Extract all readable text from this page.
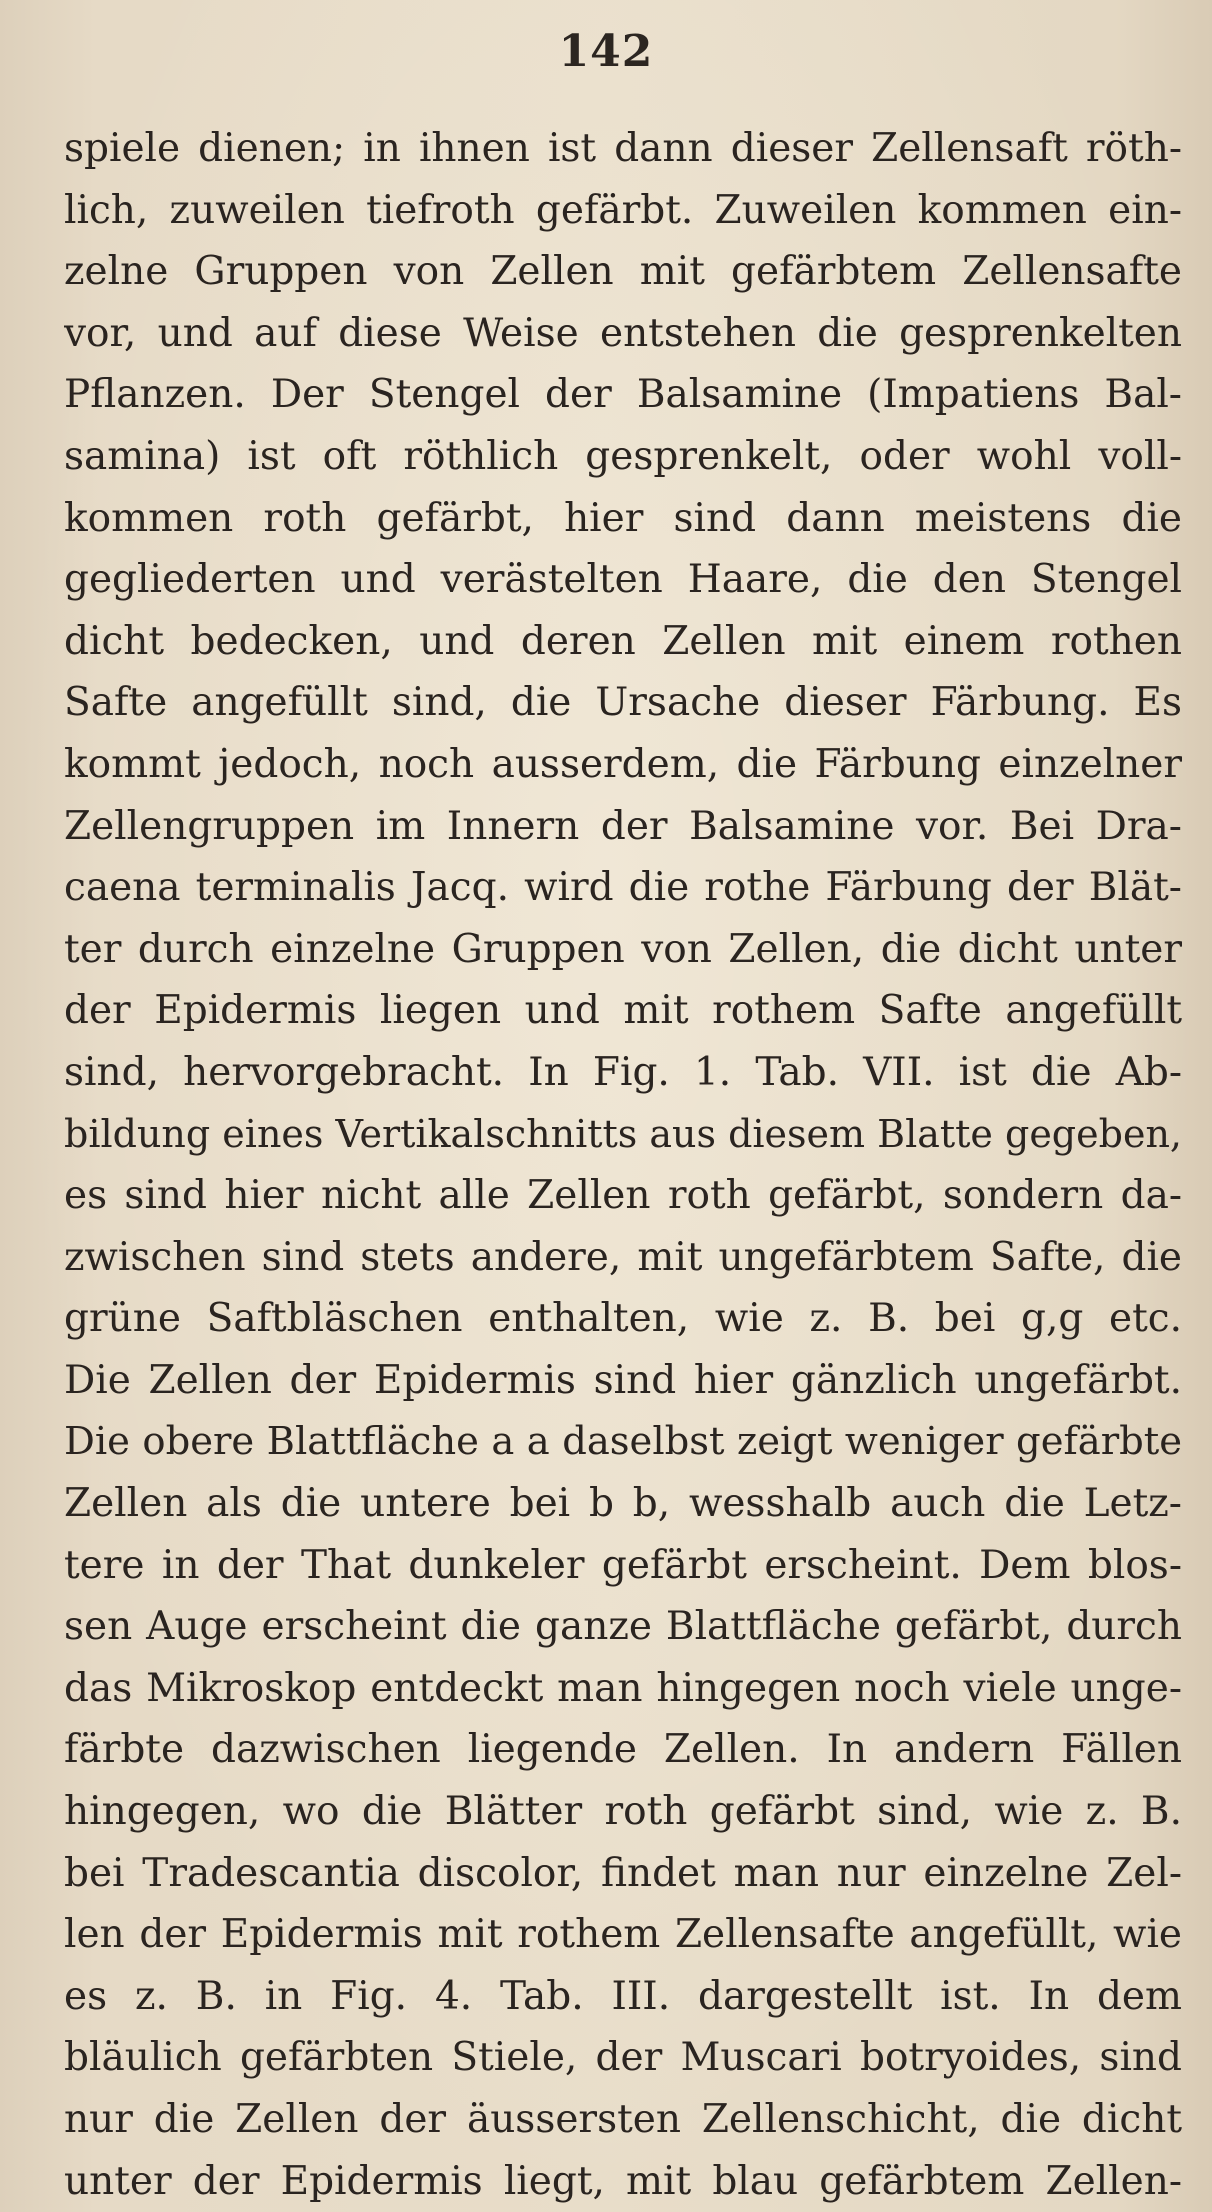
142
spiele dienen; in ihnen ist dann dieser Zellensaft röth-
lich, zuweilen tiefroth gefärbt. Zuweilen kommen ein-
zelne Gruppen von Zellen mit gefärbtem Zellensafte
vor, und auf diese Weise entstehen die gesprenkelten
Pflanzen. Der Stengel der Balsamine (Impatiens Bal-
samina) ist oft röthlich gesprenkelt, oder wohl voll-
kommen roth gefärbt, hier sind dann meistens die
gegliederten und verästelten Haare, die den Stengel
dicht bedecken, und deren Zellen mit einem rothen
Safte angefüllt sind, die Ursache dieser Färbung. Es
kommt jedoch, noch ausserdem, die Färbung einzelner
Zellengruppen im Innern der Balsamine vor. Bei Dra-
caena terminalis Jacq. wird die rothe Färbung der Blät-
ter durch einzelne Gruppen von Zellen, die dicht unter
der Epidermis liegen und mit rothem Safte angefüllt
sind, hervorgebracht. In Fig. 1. Tab. VII. ist die Ab-
bildung eines Vertikalschnitts aus diesem Blatte gegeben,
es sind hier nicht alle Zellen roth gefärbt, sondern da-
zwischen sind stets andere, mit ungefärbtem Safte, die
grüne Saftbläschen enthalten, wie z. B. bei g,g etc.
Die Zellen der Epidermis sind hier gänzlich ungefärbt.
Die obere Blattfläche a a daselbst zeigt weniger gefärbte
Zellen als die untere bei b b, wesshalb auch die Letz-
tere in der That dunkeler gefärbt erscheint. Dem blos-
sen Auge erscheint die ganze Blattfläche gefärbt, durch
das Mikroskop entdeckt man hingegen noch viele unge-
färbte dazwischen liegende Zellen. In andern Fällen
hingegen, wo die Blätter roth gefärbt sind, wie z. B.
bei Tradescantia discolor, findet man nur einzelne Zel-
len der Epidermis mit rothem Zellensafte angefüllt, wie
es z. B. in Fig. 4. Tab. III. dargestellt ist. In dem
bläulich gefärbten Stiele, der Muscari botryoides, sind
nur die Zellen der äussersten Zellenschicht, die dicht
unter der Epidermis liegt, mit blau gefärbtem Zellen-
